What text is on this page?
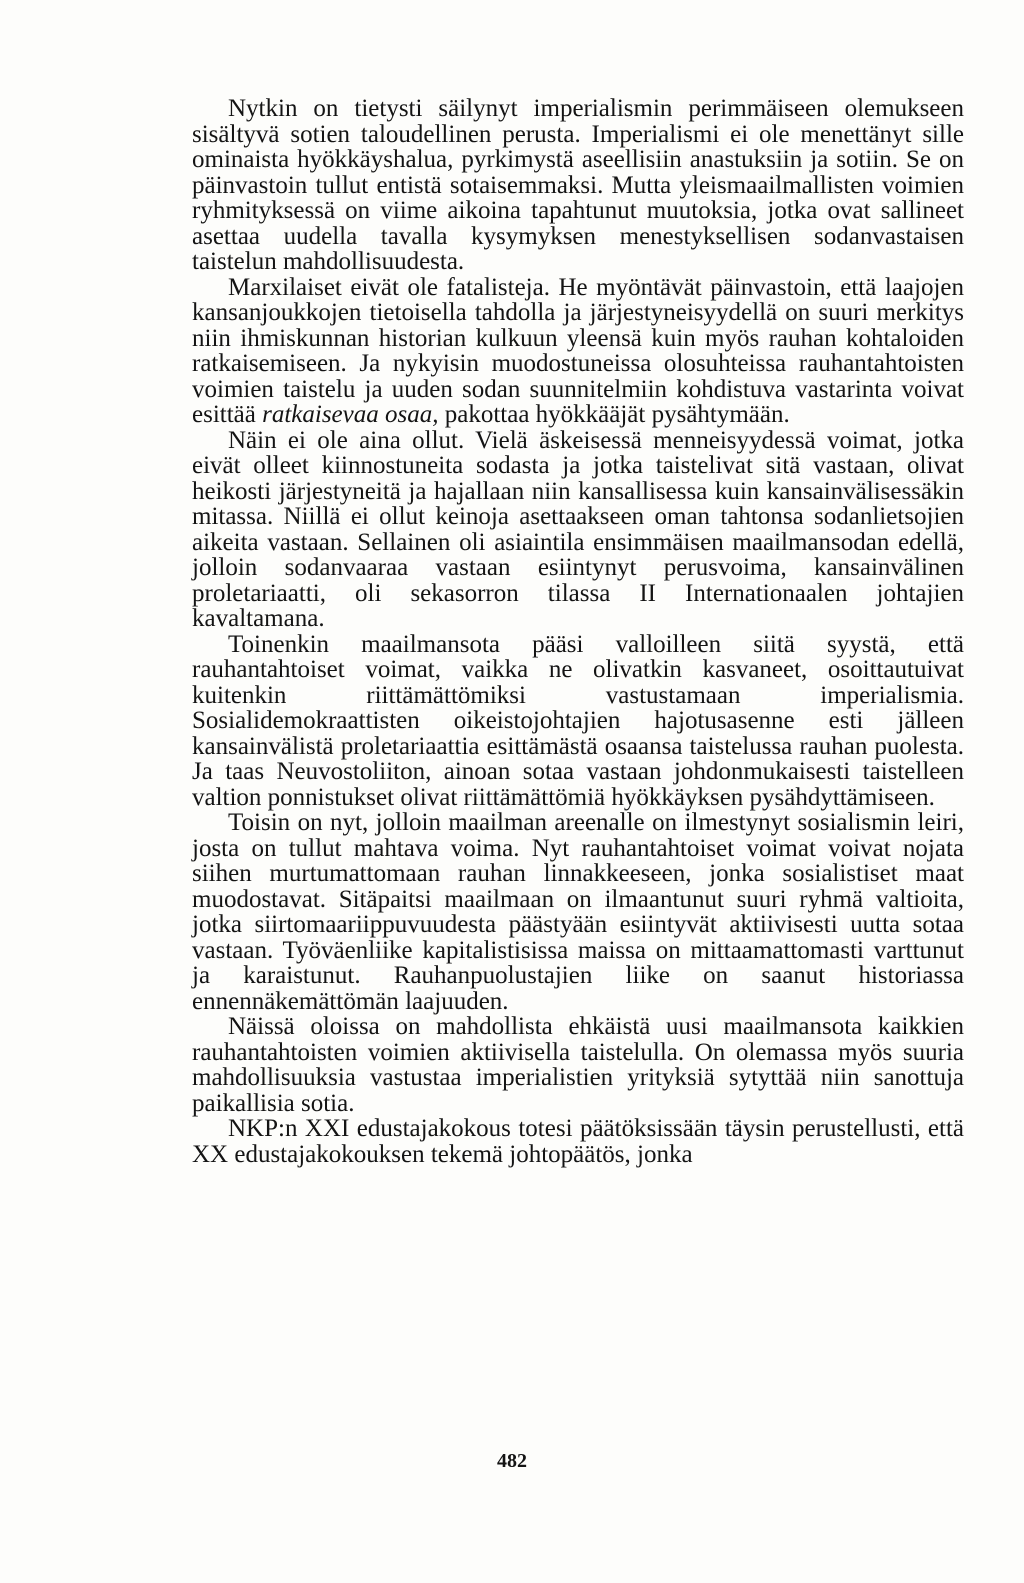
Nytkin on tietysti säilynyt imperialismin perimmäiseen olemukseen sisältyvä sotien taloudellinen perusta. Imperialismi ei ole menettänyt sille ominaista hyökkäyshalua, pyrkimystä aseellisiin anastuksiin ja sotiin. Se on päinvastoin tullut entistä sotaisemmaksi. Mutta yleismaailmallisten voimien ryhmityksessä on viime aikoina tapahtunut muutoksia, jotka ovat sallineet asettaa uudella tavalla kysymyksen menestyksellisen sodanvastaisen taistelun mahdollisuudesta.

Marxilaiset eivät ole fatalisteja. He myöntävät päinvastoin, että laajojen kansanjoukkojen tietoisella tahdolla ja järjestyneisyydellä on suuri merkitys niin ihmiskunnan historian kulkuun yleensä kuin myös rauhan kohtaloiden ratkaisemiseen. Ja nykyisin muodostuneissa olosuhteissa rauhantahtoisten voimien taistelu ja uuden sodan suunnitelmiin kohdistuva vastarinta voivat esittää ratkaisevaa osaa, pakottaa hyökkääjät pysähtymään.

Näin ei ole aina ollut. Vielä äskeisessä menneisyydessä voimat, jotka eivät olleet kiinnostuneita sodasta ja jotka taistelivat sitä vastaan, olivat heikosti järjestyneitä ja hajallaan niin kansallisessa kuin kansainvälisessäkin mitassa. Niillä ei ollut keinoja asettaakseen oman tahtonsa sodanlietsojien aikeita vastaan. Sellainen oli asiaintila ensimmäisen maailmansodan edellä, jolloin sodanvaaraa vastaan esiintynyt perusvoima, kansainvälinen proletariaatti, oli sekasorron tilassa II Internationaalen johtajien kavaltamana.

Toinenkin maailmansota pääsi valloilleen siitä syystä, että rauhantahtoiset voimat, vaikka ne olivatkin kasvaneet, osoittautuivat kuitenkin riittämättömiksi vastustamaan imperialismia. Sosialidemokraattisten oikeistojohtajien hajotusasenne esti jälleen kansainvälistä proletariaattia esittämästä osaansa taistelussa rauhan puolesta. Ja taas Neuvostoliiton, ainoan sotaa vastaan johdonmukaisesti taistelleen valtion ponnistukset olivat riittämättömiä hyökkäyksen pysähdyttämiseen.

Toisin on nyt, jolloin maailman areenalle on ilmestynyt sosialismin leiri, josta on tullut mahtava voima. Nyt rauhantahtoiset voimat voivat nojata siihen murtumattomaan rauhan linnakkeeseen, jonka sosialistiset maat muodostavat. Sitäpaitsi maailmaan on ilmaantunut suuri ryhmä valtioita, jotka siirtomaariippuvuudesta päästyään esiintyvät aktiivisesti uutta sotaa vastaan. Työväenliike kapitalistisissa maissa on mittaamattomasti varttunut ja karaistunut. Rauhanpuolustajien liike on saanut historiassa ennennäkemättömän laajuuden.

Näissä oloissa on mahdollista ehkäistä uusi maailmansota kaikkien rauhantahtoisten voimien aktiivisella taistelulla. On olemassa myös suuria mahdollisuuksia vastustaa imperialistien yrityksiä sytyttää niin sanottuja paikallisia sotia.

NKP:n XXI edustajakokous totesi päätöksissään täysin perustellusti, että XX edustajakokouksen tekemä johtopäätös, jonka

482
